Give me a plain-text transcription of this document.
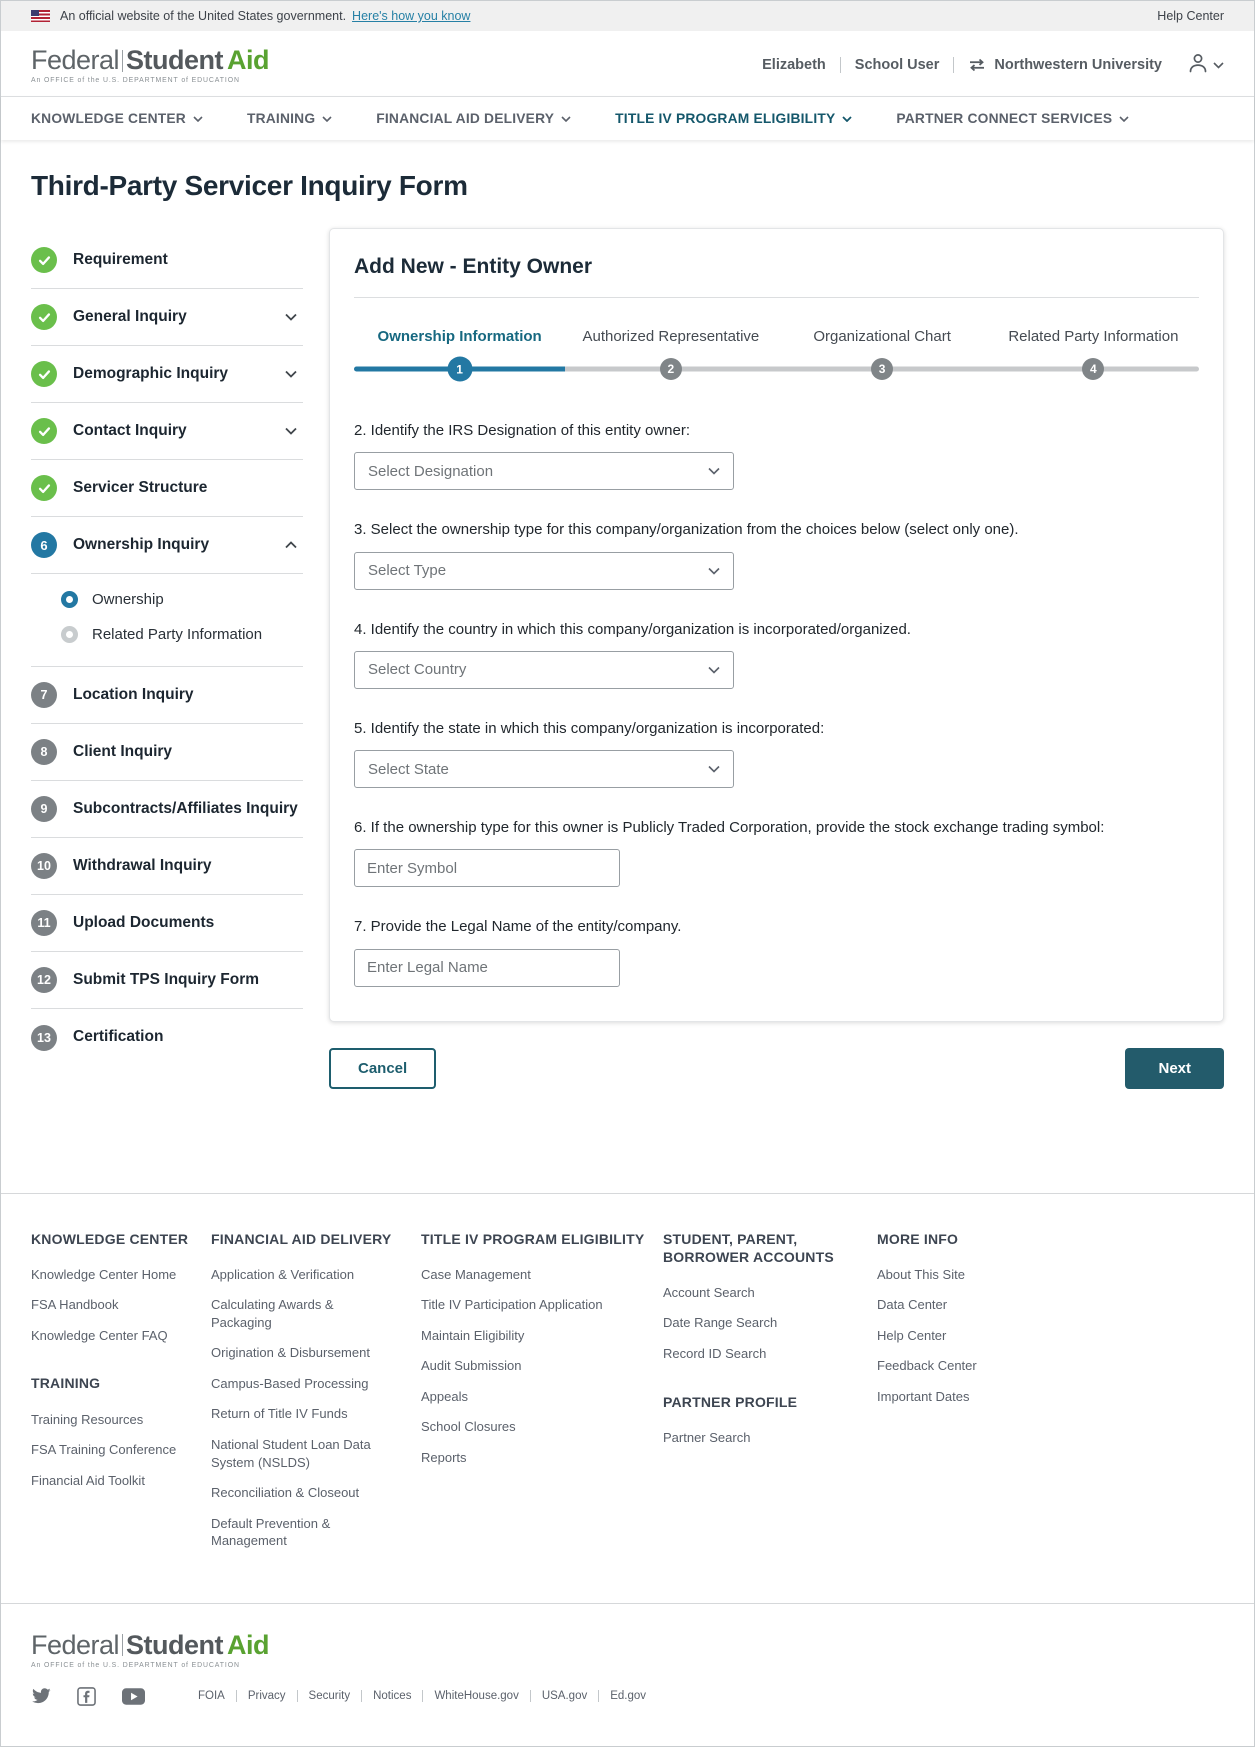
An official website of the United States government. Here's how you know	Help Center
Federal Student Aid
An OFFICE of the U.S. DEPARTMENT of EDUCATION
Elizabeth	School User	Northwestern University
KNOWLEDGE CENTER	TRAINING	FINANCIAL AID DELIVERY	TITLE IV PROGRAM ELIGIBILITY	PARTNER CONNECT SERVICES
Third-Party Servicer Inquiry Form
Requirement
General Inquiry
Demographic Inquiry
Contact Inquiry
Servicer Structure
6	Ownership Inquiry
Ownership
Related Party Information
7	Location Inquiry
8	Client Inquiry
9	Subcontracts/Affiliates Inquiry
10	Withdrawal Inquiry
11	Upload Documents
12	Submit TPS Inquiry Form
13	Certification
Add New - Entity Owner
Ownership Information
1
Authorized Representative
2
Organizational Chart
3
Related Party Information
4
2. Identify the IRS Designation of this entity owner:
Select Designation
3. Select the ownership type for this company/organization from the choices below (select only one).
Select Type
4. Identify the country in which this company/organization is incorporated/organized.
Select Country
5. Identify the state in which this company/organization is incorporated:
Select State
6. If the ownership type for this owner is Publicly Traded Corporation, provide the stock exchange trading symbol:
Enter Symbol
7. Provide the Legal Name of the entity/company.
Enter Legal Name
Cancel	Next
KNOWLEDGE CENTER
Knowledge Center Home
FSA Handbook
Knowledge Center FAQ
TRAINING
Training Resources
FSA Training Conference
Financial Aid Toolkit
FINANCIAL AID DELIVERY
Application & Verification
Calculating Awards & Packaging
Origination & Disbursement
Campus-Based Processing
Return of Title IV Funds
National Student Loan Data System (NSLDS)
Reconciliation & Closeout
Default Prevention & Management
TITLE IV PROGRAM ELIGIBILITY
Case Management
Title IV Participation Application
Maintain Eligibility
Audit Submission
Appeals
School Closures
Reports
STUDENT, PARENT, BORROWER ACCOUNTS
Account Search
Date Range Search
Record ID Search
PARTNER PROFILE
Partner Search
MORE INFO
About This Site
Data Center
Help Center
Feedback Center
Important Dates
Federal Student Aid
An OFFICE of the U.S. DEPARTMENT of EDUCATION
FOIA	Privacy	Security	Notices	WhiteHouse.gov	USA.gov	Ed.gov
